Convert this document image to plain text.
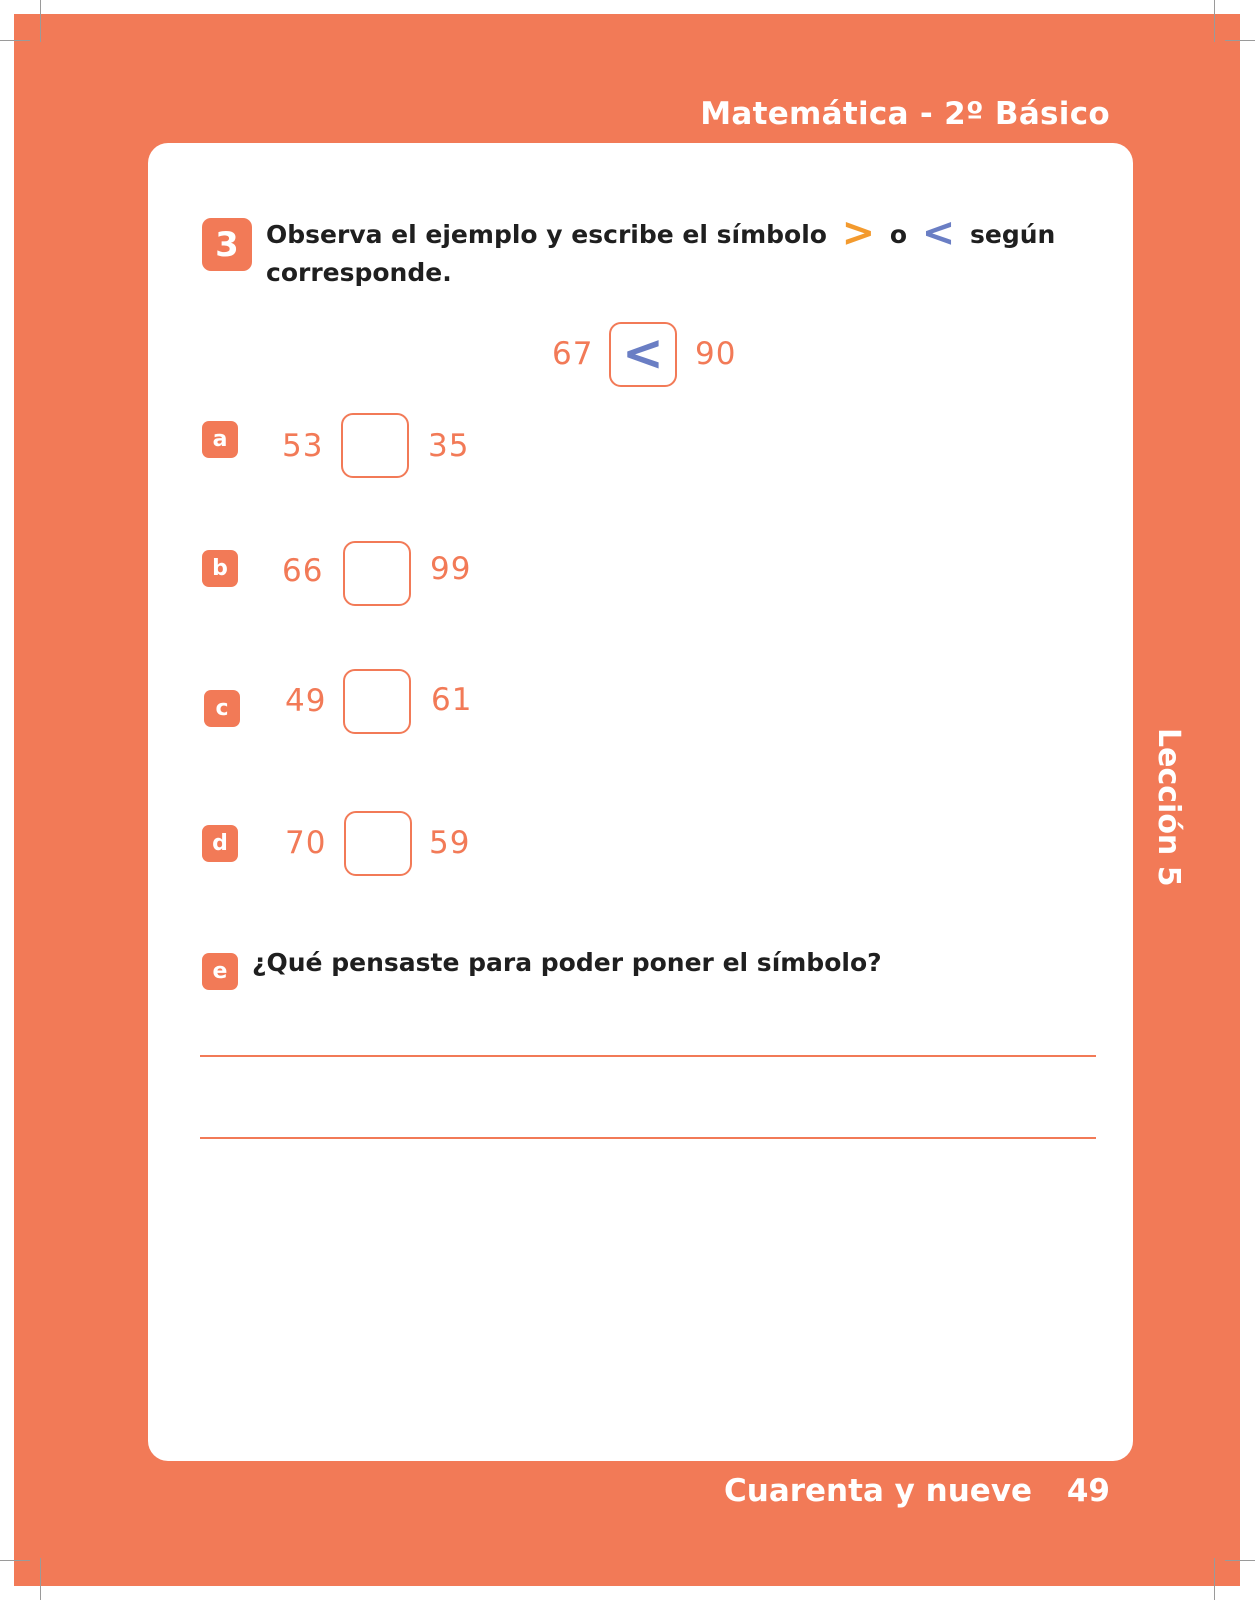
Matemática - 2º Básico
3	Observa el ejemplo y escribe el símbolo > o < según corresponde.
67 < 90
a	53	35
b	66	99
c	49	61
d	70	59
e ¿Qué pensaste para poder poner el símbolo?
Lección 5
Cuarenta y nueve 49
